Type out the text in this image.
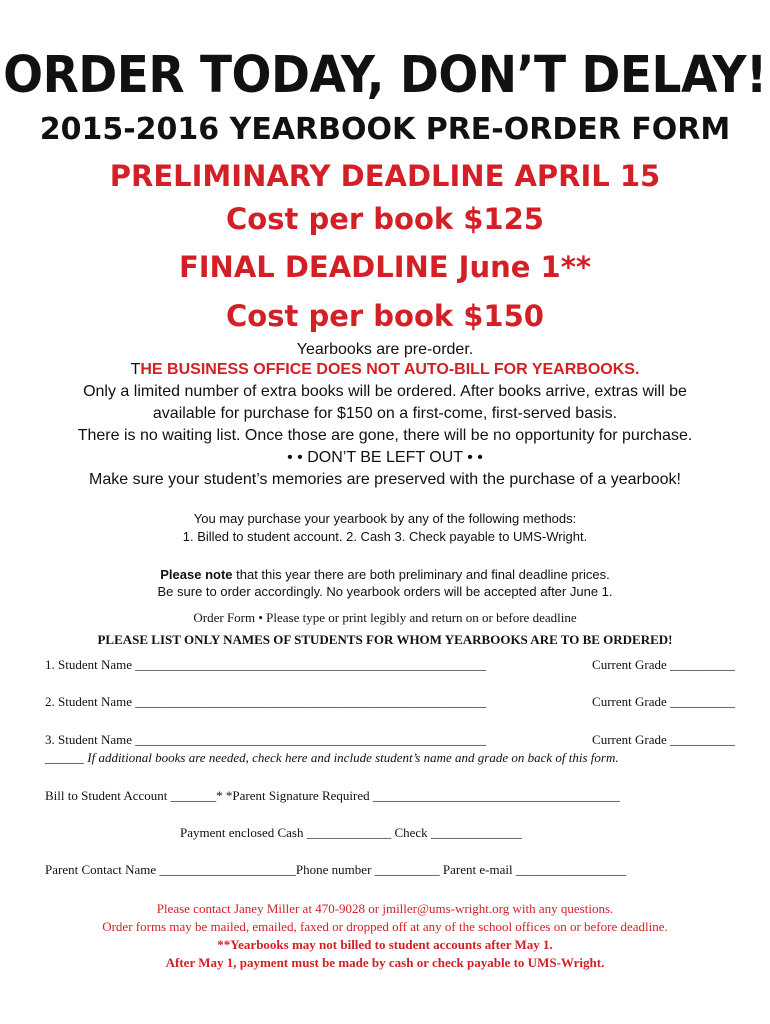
ORDER TODAY, DON’T DELAY!
2015-2016 YEARBOOK PRE-ORDER FORM
PRELIMINARY DEADLINE APRIL 15
Cost per book $125
FINAL DEADLINE June 1**
Cost per book $150
Yearbooks are pre-order.
THE BUSINESS OFFICE DOES NOT AUTO-BILL FOR YEARBOOKS.
Only a limited number of extra books will be ordered. After books arrive, extras will be
available for purchase for $150 on a first-come, first-served basis.
There is no waiting list. Once those are gone, there will be no opportunity for purchase.
• • DON’T BE LEFT OUT • •
Make sure your student’s memories are preserved with the purchase of a yearbook!
You may purchase your yearbook by any of the following methods:
1. Billed to student account. 2. Cash 3. Check payable to UMS-Wright.
Please note that this year there are both preliminary and final deadline prices.
Be sure to order accordingly. No yearbook orders will be accepted after June 1.
Order Form • Please type or print legibly and return on or before deadline
PLEASE LIST ONLY NAMES OF STUDENTS FOR WHOM YEARBOOKS ARE TO BE ORDERED!
1. Student Name ______________________________________________________	Current Grade __________
2. Student Name ______________________________________________________	Current Grade __________
3. Student Name ______________________________________________________	Current Grade __________
______ If additional books are needed, check here and include student’s name and grade on back of this form.
Bill to Student Account _______* *Parent Signature Required ______________________________________
Payment enclosed Cash _____________ Check ______________
Parent Contact Name _____________________Phone number __________ Parent e-mail _________________
Please contact Janey Miller at 470-9028 or jmiller@ums-wright.org with any questions.
Order forms may be mailed, emailed, faxed or dropped off at any of the school offices on or before deadline.
**Yearbooks may not billed to student accounts after May 1.
After May 1, payment must be made by cash or check payable to UMS-Wright.
